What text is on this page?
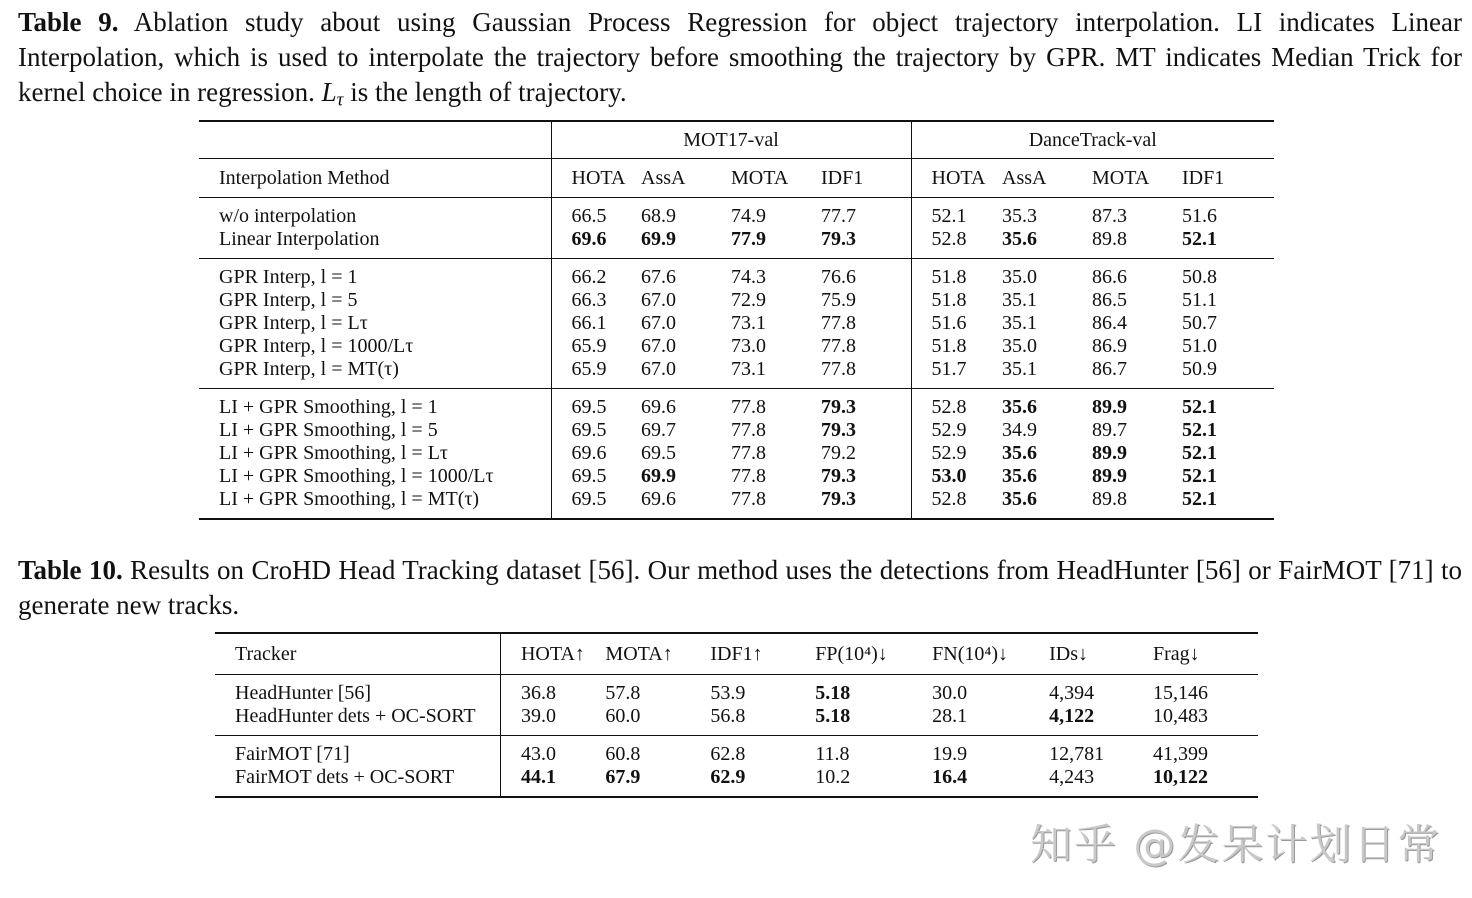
Table 9. Ablation study about using Gaussian Process Regression for object trajectory interpolation. LI indicates Linear Interpolation, which is used to interpolate the trajectory before smoothing the trajectory by GPR. MT indicates Median Trick for kernel choice in regression. $L_\tau$ is the length of trajectory.
	MOT17-val				DanceTrack-val			
Interpolation Method	HOTA	AssA	MOTA	IDF1	HOTA	AssA	MOTA	IDF1
w/o interpolation	66.5	68.9	74.9	77.7	52.1	35.3	87.3	51.6
Linear Interpolation	69.6	69.9	77.9	79.3	52.8	35.6	89.8	52.1
GPR Interp, l = 1	66.2	67.6	74.3	76.6	51.8	35.0	86.6	50.8
GPR Interp, l = 5	66.3	67.0	72.9	75.9	51.8	35.1	86.5	51.1
GPR Interp, l = Lτ	66.1	67.0	73.1	77.8	51.6	35.1	86.4	50.7
GPR Interp, l = 1000/Lτ	65.9	67.0	73.0	77.8	51.8	35.0	86.9	51.0
GPR Interp, l = MT(τ)	65.9	67.0	73.1	77.8	51.7	35.1	86.7	50.9
LI + GPR Smoothing, l = 1	69.5	69.6	77.8	79.3	52.8	35.6	89.9	52.1
LI + GPR Smoothing, l = 5	69.5	69.7	77.8	79.3	52.9	34.9	89.7	52.1
LI + GPR Smoothing, l = Lτ	69.6	69.5	77.8	79.2	52.9	35.6	89.9	52.1
LI + GPR Smoothing, l = 1000/Lτ	69.5	69.9	77.8	79.3	53.0	35.6	89.9	52.1
LI + GPR Smoothing, l = MT(τ)	69.5	69.6	77.8	79.3	52.8	35.6	89.8	52.1
Table 10. Results on CroHD Head Tracking dataset [56]. Our method uses the detections from HeadHunter [56] or FairMOT [71] to generate new tracks.
Tracker	HOTA↑	MOTA↑	IDF1↑	FP(10⁴)↓	FN(10⁴)↓	IDs↓	Frag↓
HeadHunter [56]	36.8	57.8	53.9	5.18	30.0	4,394	15,146
HeadHunter dets + OC-SORT	39.0	60.0	56.8	5.18	28.1	4,122	10,483
FairMOT [71]	43.0	60.8	62.8	11.8	19.9	12,781	41,399
FairMOT dets + OC-SORT	44.1	67.9	62.9	10.2	16.4	4,243	10,122
知乎 @发呆计划日常
